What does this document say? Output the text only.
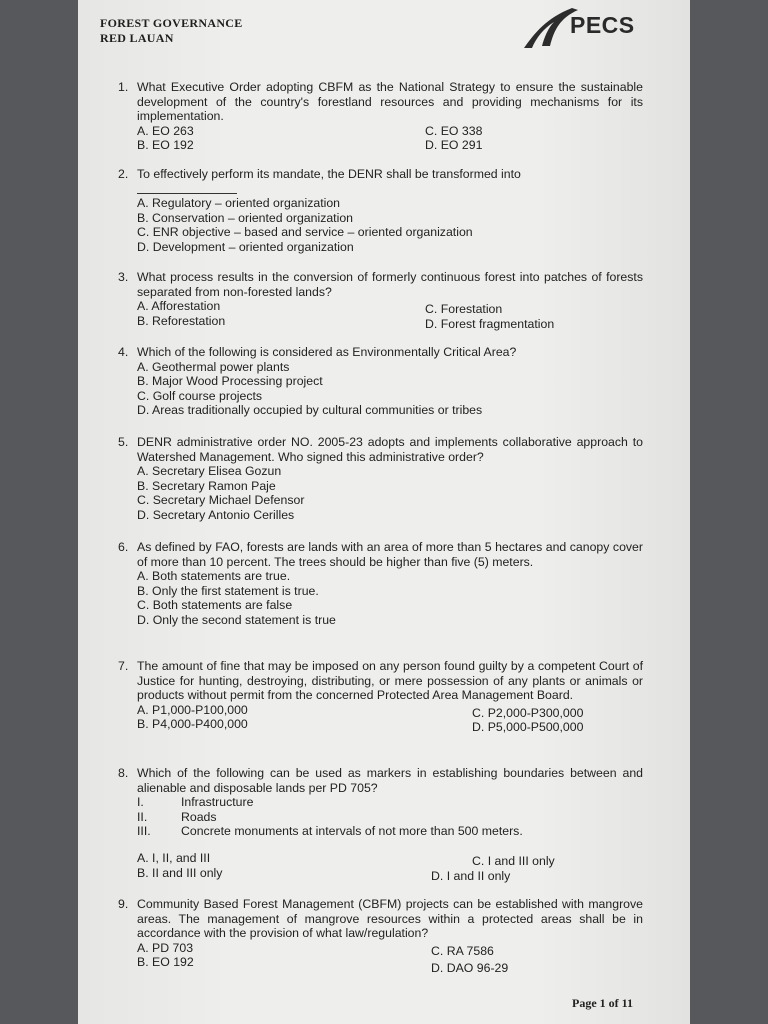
FOREST GOVERNANCE
RED LAUAN	PECS
1. What Executive Order adopting CBFM as the National Strategy to ensure the sustainable development of the country's forestland resources and providing mechanisms for its implementation.
A. EO 263	C. EO 338
B. EO 192	D. EO 291
2. To effectively perform its mandate, the DENR shall be transformed into
A. Regulatory – oriented organization
B. Conservation – oriented organization
C. ENR objective – based and service – oriented organization
D. Development – oriented organization
3. What process results in the conversion of formerly continuous forest into patches of forests separated from non-forested lands?
A. Afforestation	C. Forestation
B. Reforestation	D. Forest fragmentation
4. Which of the following is considered as Environmentally Critical Area?
A. Geothermal power plants
B. Major Wood Processing project
C. Golf course projects
D. Areas traditionally occupied by cultural communities or tribes
5. DENR administrative order NO. 2005-23 adopts and implements collaborative approach to Watershed Management. Who signed this administrative order?
A. Secretary Elisea Gozun
B. Secretary Ramon Paje
C. Secretary Michael Defensor
D. Secretary Antonio Cerilles
6. As defined by FAO, forests are lands with an area of more than 5 hectares and canopy cover of more than 10 percent. The trees should be higher than five (5) meters.
A. Both statements are true.
B. Only the first statement is true.
C. Both statements are false
D. Only the second statement is true
7. The amount of fine that may be imposed on any person found guilty by a competent Court of Justice for hunting, destroying, distributing, or mere possession of any plants or animals or products without permit from the concerned Protected Area Management Board.
A. P1,000-P100,000	C. P2,000-P300,000
B. P4,000-P400,000	D. P5,000-P500,000
8. Which of the following can be used as markers in establishing boundaries between and alienable and disposable lands per PD 705?
I.	Infrastructure
II.	Roads
III.	Concrete monuments at intervals of not more than 500 meters.
A. I, II, and III	C. I and III only
B. II and III only	D. I and II only
9. Community Based Forest Management (CBFM) projects can be established with mangrove areas. The management of mangrove resources within a protected areas shall be in accordance with the provision of what law/regulation?
A. PD 703	C. RA 7586
B. EO 192	D. DAO 96-29
Page 1 of 11
